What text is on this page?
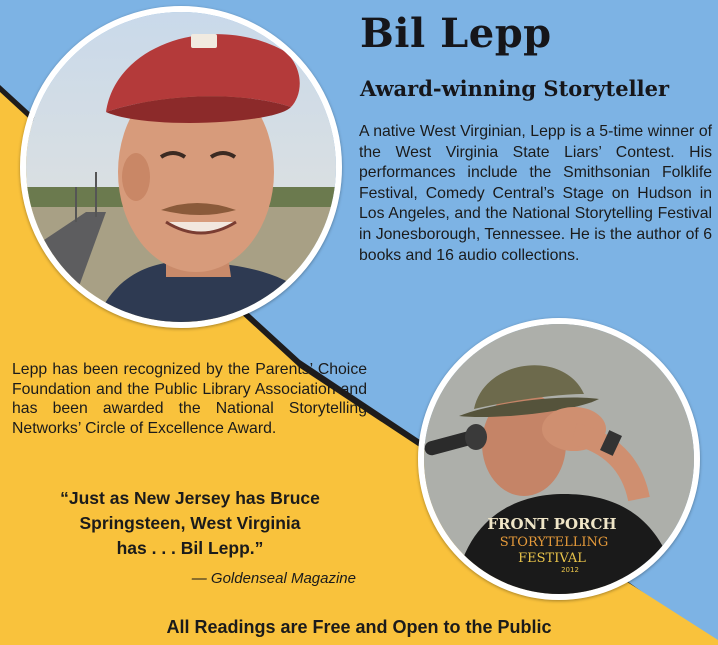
FRONT PORCH
STORYTELLING
FESTIVAL
2012
Bil Lepp
Award-winning Storyteller

A native West Virginian, Lepp is a 5-time winner of the West Virginia State Liars’ Contest. His performances include the Smithsonian Folklife Festival, Comedy Central’s Stage on Hudson in Los Angeles, and the National Storytelling Festival in Jonesborough, Tennessee. He is the author of 6 books and 16 audio collections.

Lepp has been recognized by the Parents’ Choice Foundation and the Public Library Association and has been awarded the National Storytelling Networks’ Circle of Excellence Award.

“Just as New Jersey has Bruce
Springsteen, West Virginia
has . . . Bil Lepp.”
— Goldenseal Magazine
All Readings are Free and Open to the Public
